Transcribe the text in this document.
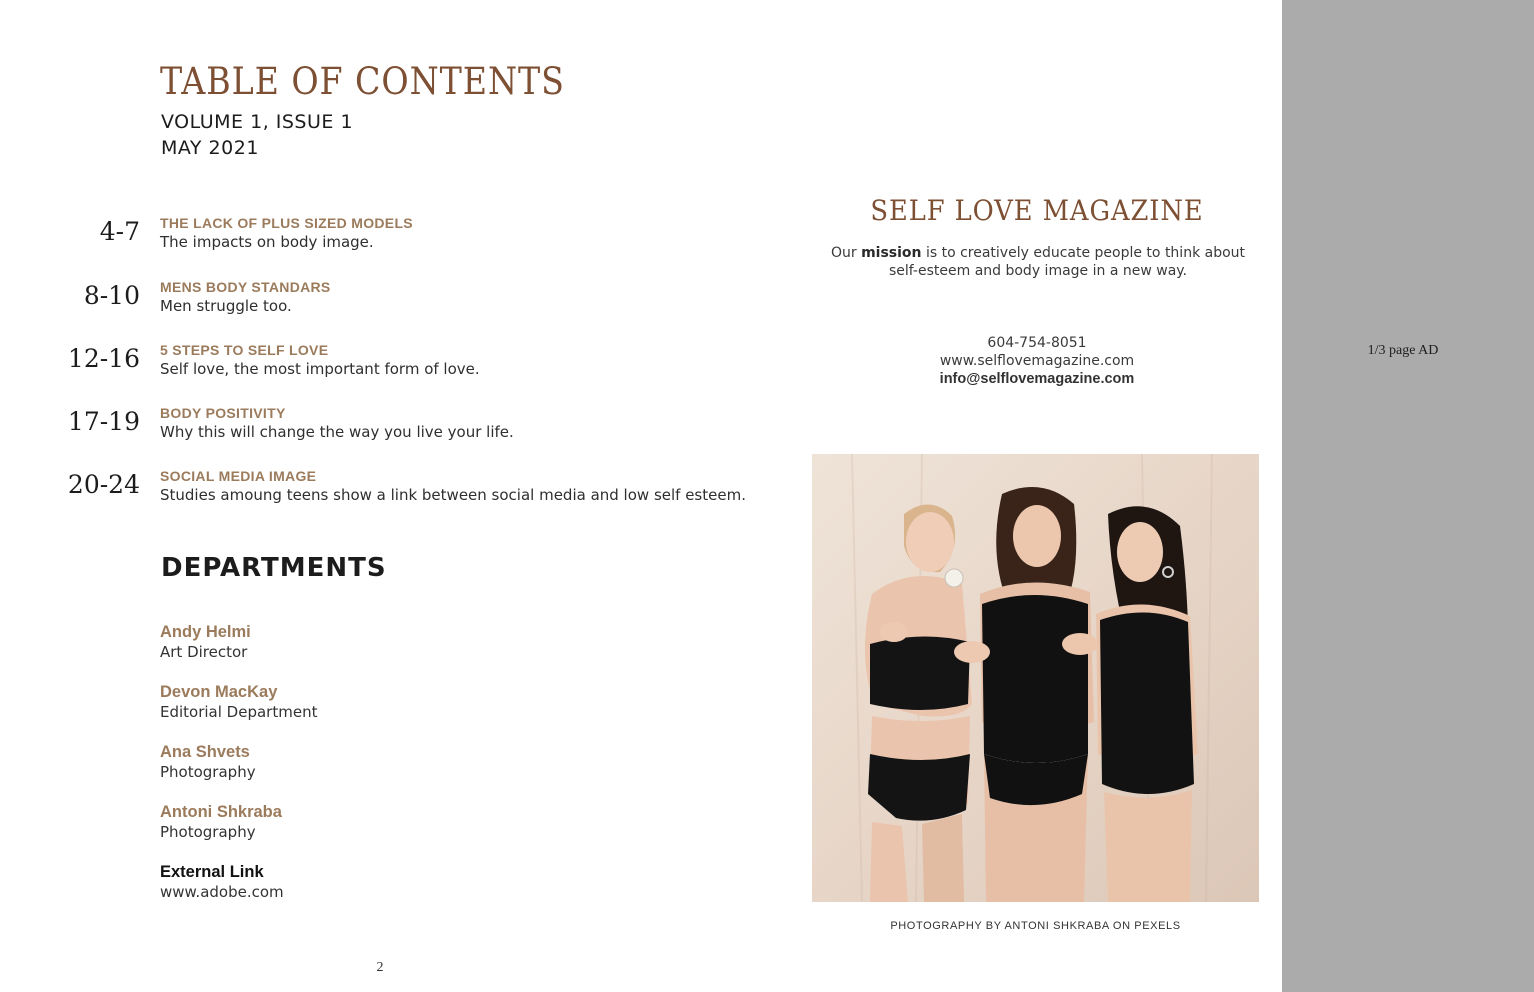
TABLE OF CONTENTS
VOLUME 1, ISSUE 1
MAY 2021
4-7 THE LACK OF PLUS SIZED MODELS
The impacts on body image.
8-10 MENS BODY STANDARS
Men struggle too.
12-16 5 STEPS TO SELF LOVE
Self love, the most important form of love.
17-19 BODY POSITIVITY
Why this will change the way you live your life.
20-24 SOCIAL MEDIA IMAGE
Studies amoung teens show a link between social media and low self esteem.
DEPARTMENTS
Andy Helmi
Art Director
Devon MacKay
Editorial Department
Ana Shvets
Photography
Antoni Shkraba
Photography
External Link
www.adobe.com
2
SELF LOVE MAGAZINE
Our mission is to creatively educate people to think about self-esteem and body image in a new way.
604-754-8051
www.selflovemagazine.com
info@selflovemagazine.com
PHOTOGRAPHY BY ANTONI SHKRABA ON PEXELS
1/3 page AD
